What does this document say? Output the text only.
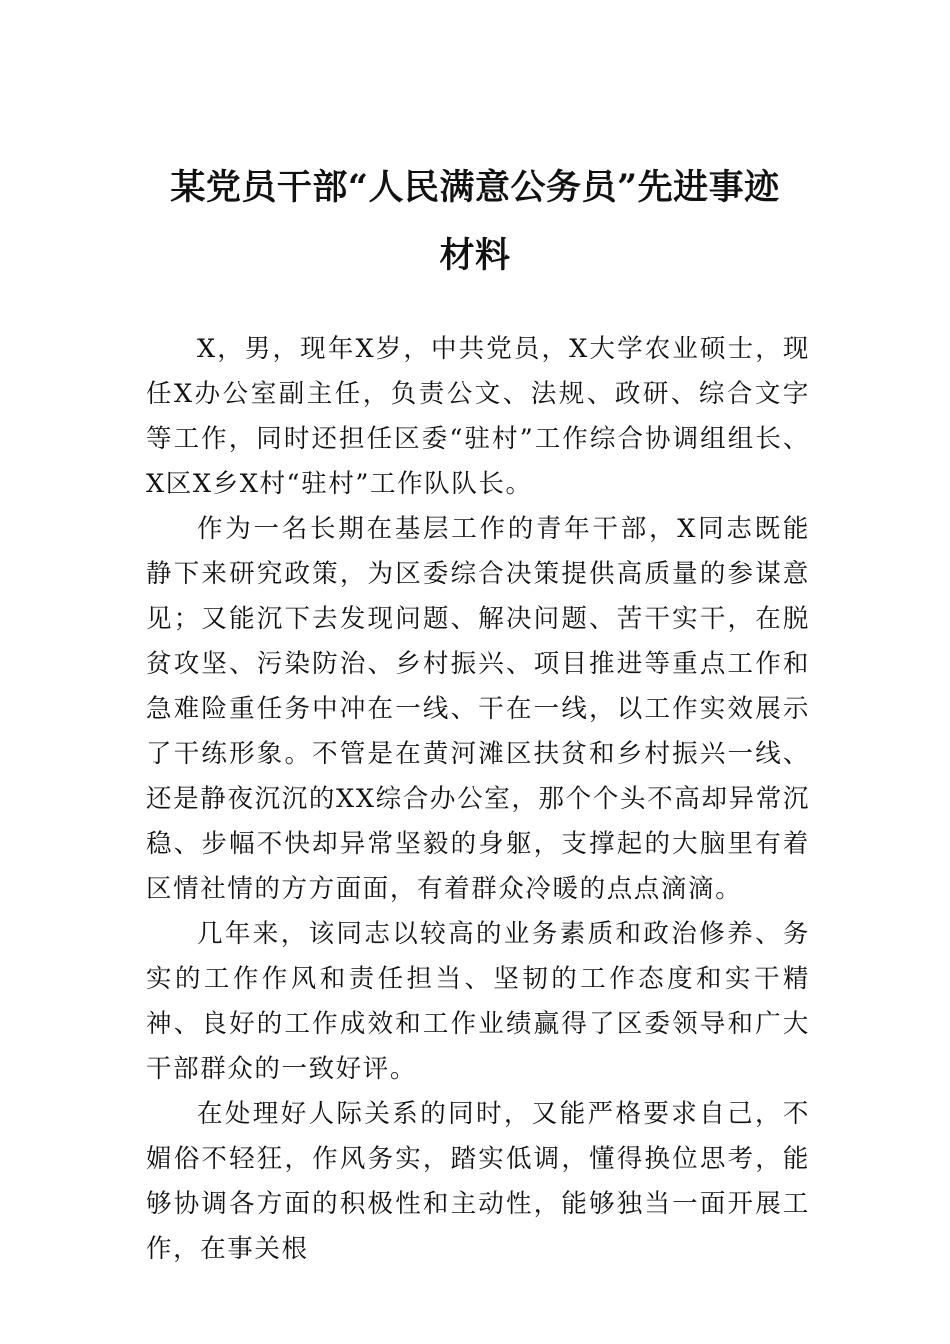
某党员干部“人民满意公务员”先进事迹
材料

X，男，现年X岁，中共党员，X大学农业硕士，现任X办公室副主任，负责公文、法规、政研、综合文字等工作，同时还担任区委“驻村”工作综合协调组组长、X区X乡X村“驻村”工作队队长。

作为一名长期在基层工作的青年干部，X同志既能静下来研究政策，为区委综合决策提供高质量的参谋意见；又能沉下去发现问题、解决问题、苦干实干，在脱贫攻坚、污染防治、乡村振兴、项目推进等重点工作和急难险重任务中冲在一线、干在一线，以工作实效展示了干练形象。不管是在黄河滩区扶贫和乡村振兴一线、还是静夜沉沉的XX综合办公室，那个个头不高却异常沉稳、步幅不快却异常坚毅的身躯，支撑起的大脑里有着区情社情的方方面面，有着群众冷暖的点点滴滴。

几年来，该同志以较高的业务素质和政治修养、务实的工作作风和责任担当、坚韧的工作态度和实干精神、良好的工作成效和工作业绩赢得了区委领导和广大干部群众的一致好评。

在处理好人际关系的同时，又能严格要求自己，不媚俗不轻狂，作风务实，踏实低调，懂得换位思考，能够协调各方面的积极性和主动性，能够独当一面开展工作，在事关根
